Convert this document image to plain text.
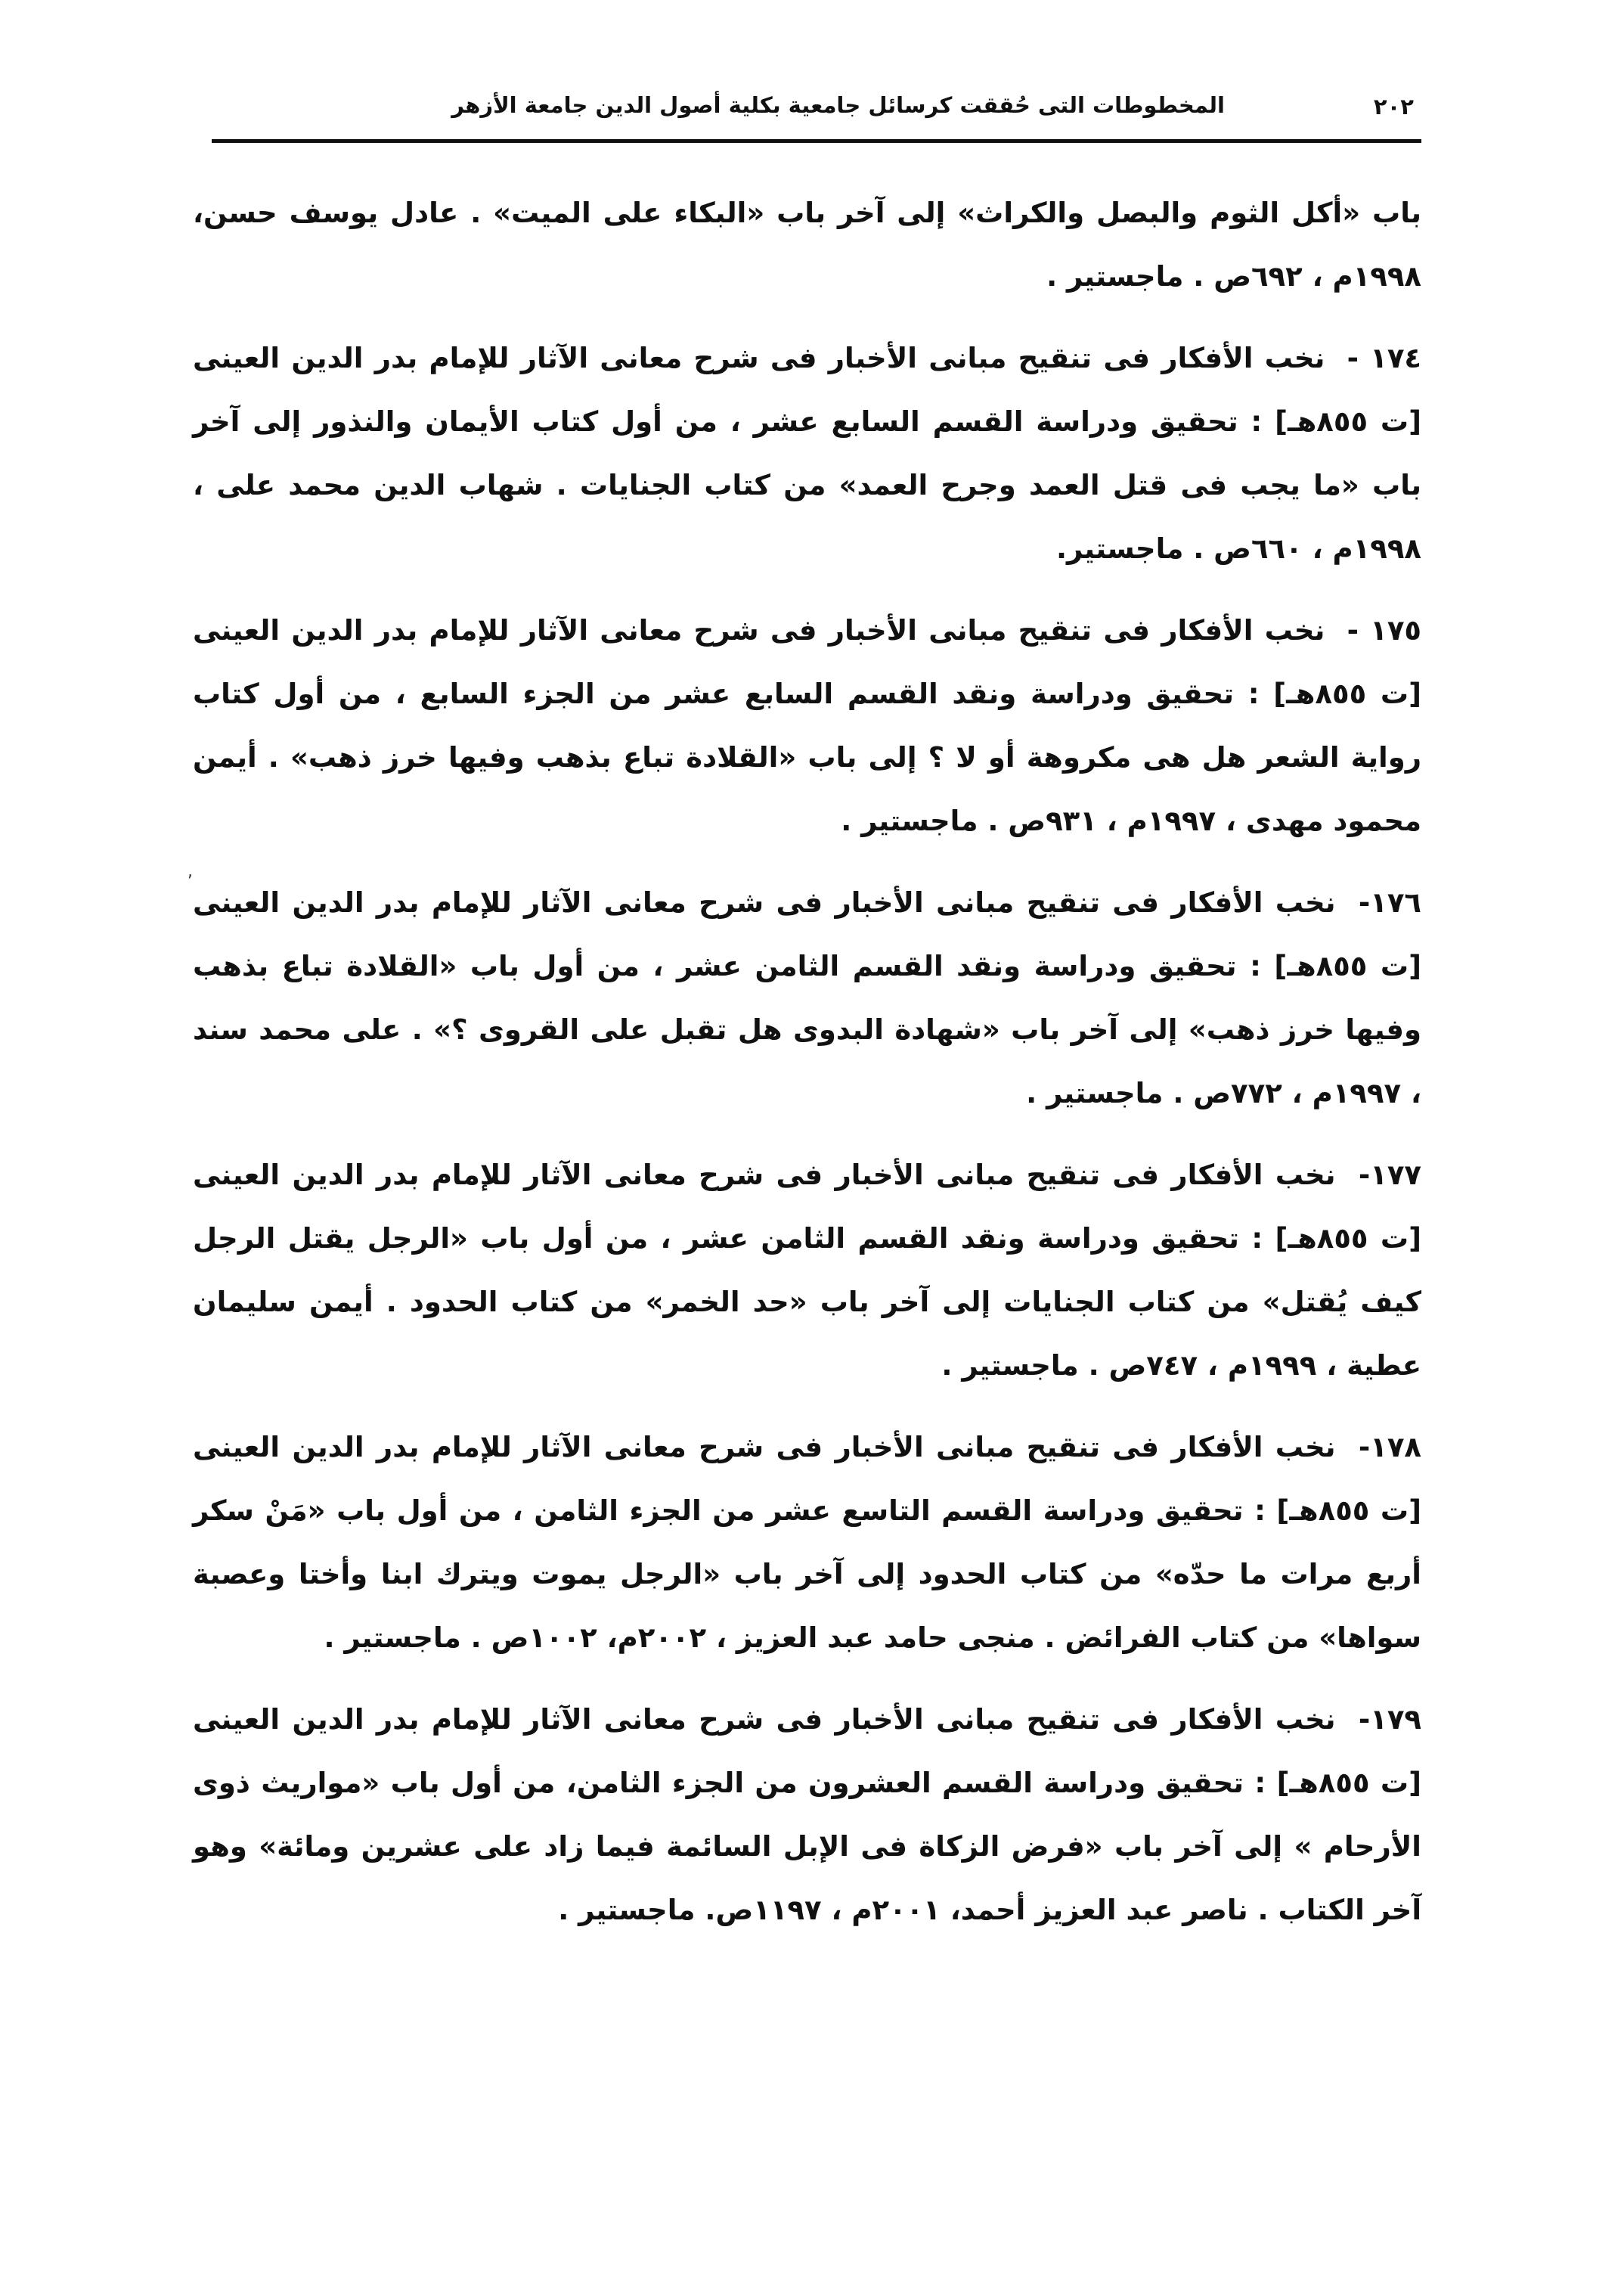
٢٠٢
المخطوطات التى حُققت كرسائل جامعية بكلية أصول الدين جامعة الأزهر
,

باب «أكل الثوم والبصل والكراث» إلى آخر باب «البكاء على الميت» . عادل يوسف حسن، ١٩٩٨م ، ٦٩٢ص . ماجستير .

١٧٤ - نخب الأفكار فى تنقيح مبانى الأخبار فى شرح معانى الآثار للإمام بدر الدين العينى [ت ٨٥٥هـ] : تحقيق ودراسة القسم السابع عشر ، من أول كتاب الأيمان والنذور إلى آخر باب «ما يجب فى قتل العمد وجرح العمد» من كتاب الجنايات . شهاب الدين محمد على ، ١٩٩٨م ، ٦٦٠ص . ماجستير.

١٧٥ - نخب الأفكار فى تنقيح مبانى الأخبار فى شرح معانى الآثار للإمام بدر الدين العينى [ت ٨٥٥هـ] : تحقيق ودراسة ونقد القسم السابع عشر من الجزء السابع ، من أول كتاب رواية الشعر هل هى مكروهة أو لا ؟ إلى باب «القلادة تباع بذهب وفيها خرز ذهب» . أيمن محمود مهدى ، ١٩٩٧م ، ٩٣١ص . ماجستير .

١٧٦- نخب الأفكار فى تنقيح مبانى الأخبار فى شرح معانى الآثار للإمام بدر الدين العينى [ت ٨٥٥هـ] : تحقيق ودراسة ونقد القسم الثامن عشر ، من أول باب «القلادة تباع بذهب وفيها خرز ذهب» إلى آخر باب «شهادة البدوى هل تقبل على القروى ؟» . على محمد سند ، ١٩٩٧م ، ٧٧٢ص . ماجستير .

١٧٧- نخب الأفكار فى تنقيح مبانى الأخبار فى شرح معانى الآثار للإمام بدر الدين العينى [ت ٨٥٥هـ] : تحقيق ودراسة ونقد القسم الثامن عشر ، من أول باب «الرجل يقتل الرجل كيف يُقتل» من كتاب الجنايات إلى آخر باب «حد الخمر» من كتاب الحدود . أيمن سليمان عطية ، ١٩٩٩م ، ٧٤٧ص . ماجستير .

١٧٨- نخب الأفكار فى تنقيح مبانى الأخبار فى شرح معانى الآثار للإمام بدر الدين العينى [ت ٨٥٥هـ] : تحقيق ودراسة القسم التاسع عشر من الجزء الثامن ، من أول باب «مَنْ سكر أربع مرات ما حدّه» من كتاب الحدود إلى آخر باب «الرجل يموت ويترك ابنا وأختا وعصبة سواها» من كتاب الفرائض . منجى حامد عبد العزيز ، ٢٠٠٢م، ١٠٠٢ص . ماجستير .

١٧٩- نخب الأفكار فى تنقيح مبانى الأخبار فى شرح معانى الآثار للإمام بدر الدين العينى [ت ٨٥٥هـ] : تحقيق ودراسة القسم العشرون من الجزء الثامن، من أول باب «مواريث ذوى الأرحام » إلى آخر باب «فرض الزكاة فى الإبل السائمة فيما زاد على عشرين ومائة» وهو آخر الكتاب . ناصر عبد العزيز أحمد، ٢٠٠١م ، ١١٩٧ص. ماجستير .
